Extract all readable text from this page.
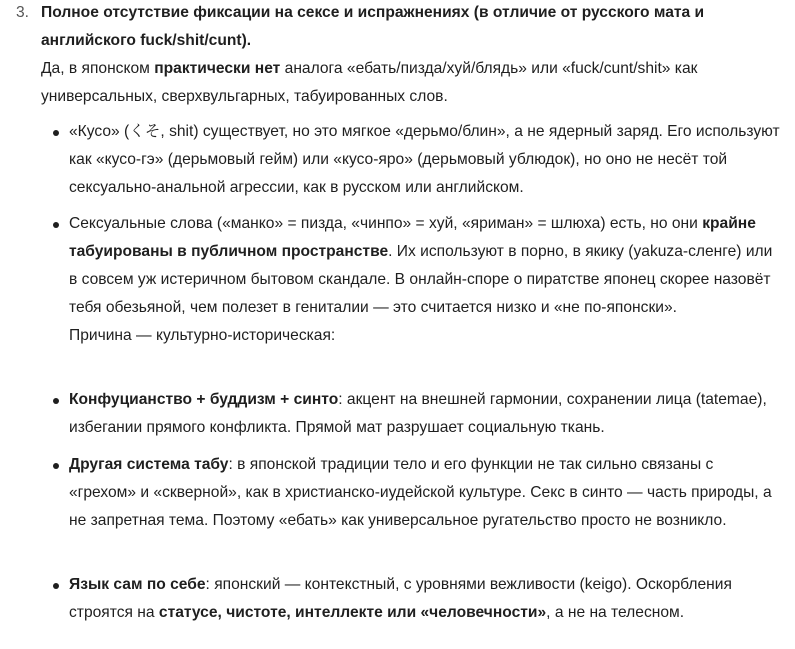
3. Полное отсутствие фиксации на сексе и испражнениях (в отличие от русского мата и
английского fuck/shit/cunt).
Да, в японском практически нет аналога «ебать/пизда/хуй/блядь» или «fuck/cunt/shit» как универсальных, сверхвульгарных, табуированных слов.
«Кусо» (くそ, shit) существует, но это мягкое «дерьмо/блин», а не ядерный заряд. Его используют как «кусо-гэ» (дерьмовый гейм) или «кусо-яро» (дерьмовый ублюдок), но оно не несёт той сексуально-анальной агрессии, как в русском или английском.
Сексуальные слова («манко» = пизда, «чинпо» = хуй, «яриман» = шлюха) есть, но они крайне табуированы в публичном пространстве. Их используют в порно, в якику (yakuza-сленге) или в совсем уж истеричном бытовом скандале. В онлайн-споре о пиратстве японец скорее назовёт тебя обезьяной, чем полезет в гениталии — это считается низко и «не по-японски».
Причина — культурно-историческая:
Конфуцианство + буддизм + синто: акцент на внешней гармонии, сохранении лица (tatemae), избегании прямого конфликта. Прямой мат разрушает социальную ткань.
Другая система табу: в японской традиции тело и его функции не так сильно связаны с «грехом» и «скверной», как в христианско-иудейской культуре. Секс в синто — часть природы, а не запретная тема. Поэтому «ебать» как универсальное ругательство просто не возникло.
Язык сам по себе: японский — контекстный, с уровнями вежливости (keigo). Оскорбления строятся на статусе, чистоте, интеллекте или «человечности», а не на телесном.
